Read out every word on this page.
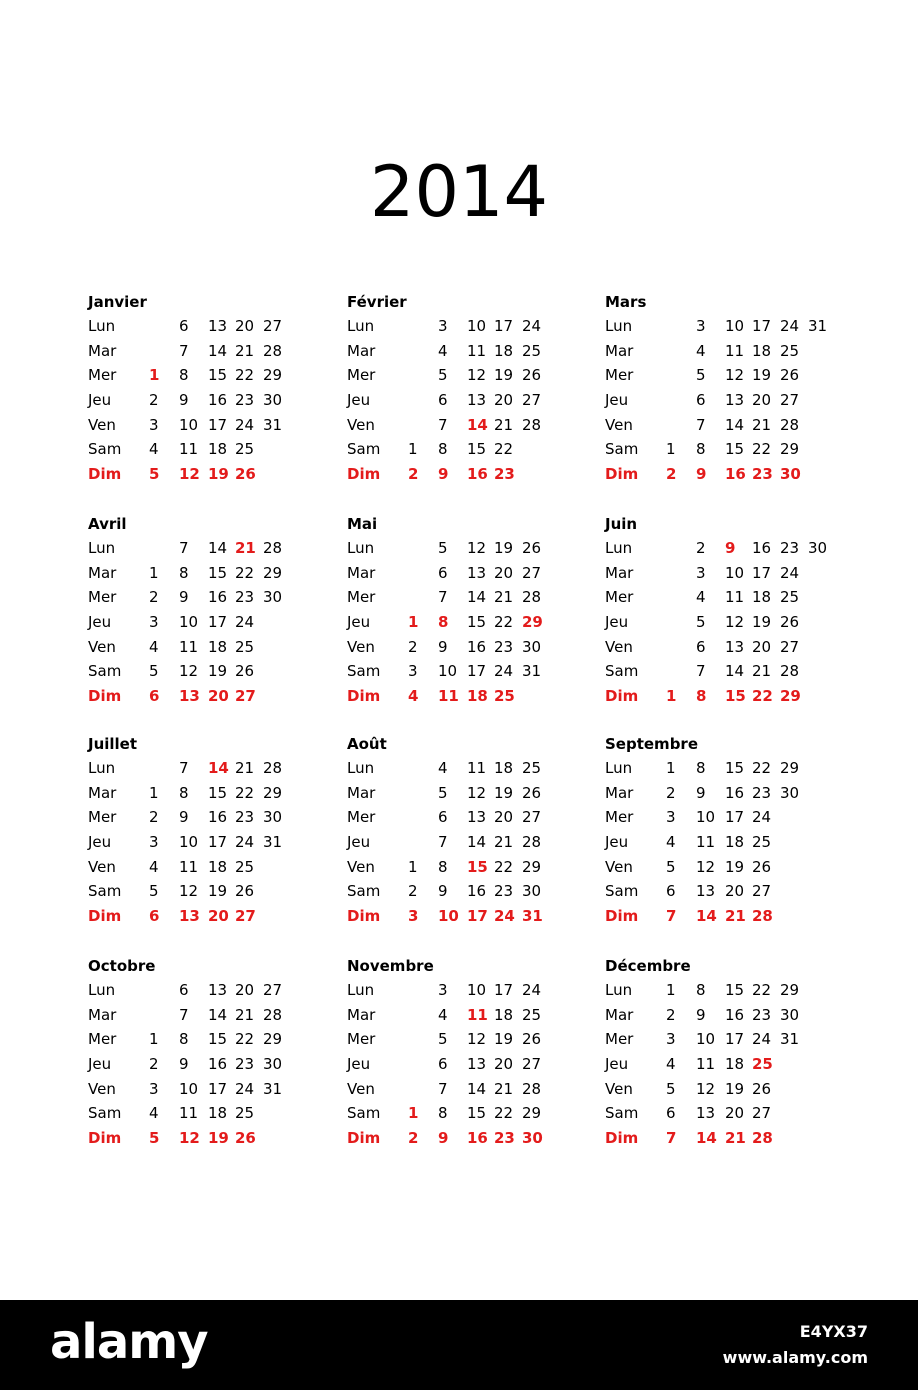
2014
Janvier
Lun	6 13 20 27
Mar	7 14 21 28
Mer 1 8 15 22 29
Jeu	2 9 16 23 30
Ven 3 10 17 24 31
Sam 4 11 18 25
Dim 5 12 19 26
Février
Lun	3 10 17 24
Mar	4 11 18 25
Mer	5 12 19 26
Jeu	6 13 20 27
Ven	7 14 21 28
Sam 1 8 15 22
Dim 2 9 16 23
Mars
Lun	3 10 17 24 31
Mar	4 11 18 25
Mer	5 12 19 26
Jeu	6 13 20 27
Ven	7 14 21 28
Sam 1 8 15 22 29
Dim 2 9 16 23 30
Avril
Lun	7 14 21 28
Mar 1 8 15 22 29
Mer 2 9 16 23 30
Jeu	3 10 17 24
Ven 4 11 18 25
Sam 5 12 19 26
Dim 6 13 20 27
Mai
Lun	5 12 19 26
Mar	6 13 20 27
Mer	7 14 21 28
Jeu	1 8 15 22 29
Ven 2 9 16 23 30
Sam 3 10 17 24 31
Dim 4 11 18 25
Juin
Lun	2 9 16 23 30
Mar	3 10 17 24
Mer	4 11 18 25
Jeu	5 12 19 26
Ven	6 13 20 27
Sam	7 14 21 28
Dim 1 8 15 22 29
Juillet
Lun	7 14 21 28
Mar 1 8 15 22 29
Mer 2 9 16 23 30
Jeu	3 10 17 24 31
Ven 4 11 18 25
Sam 5 12 19 26
Dim 6 13 20 27
Août
Lun	4 11 18 25
Mar	5 12 19 26
Mer	6 13 20 27
Jeu	7 14 21 28
Ven 1 8 15 22 29
Sam 2 9 16 23 30
Dim 3 10 17 24 31
Septembre
Lun 1 8 15 22 29
Mar 2 9 16 23 30
Mer 3 10 17 24
Jeu	4 11 18 25
Ven 5 12 19 26
Sam 6 13 20 27
Dim 7 14 21 28
Octobre
Lun	6 13 20 27
Mar	7 14 21 28
Mer 1 8 15 22 29
Jeu	2 9 16 23 30
Ven 3 10 17 24 31
Sam 4 11 18 25
Dim 5 12 19 26
Novembre
Lun	3 10 17 24
Mar	4 11 18 25
Mer	5 12 19 26
Jeu	6 13 20 27
Ven	7 14 21 28
Sam 1 8 15 22 29
Dim 2 9 16 23 30
Décembre
Lun 1 8 15 22 29
Mar 2 9 16 23 30
Mer 3 10 17 24 31
Jeu	4 11 18 25
Ven 5 12 19 26
Sam 6 13 20 27
Dim 7 14 21 28
alamy	E4YX37
www.alamy.com
